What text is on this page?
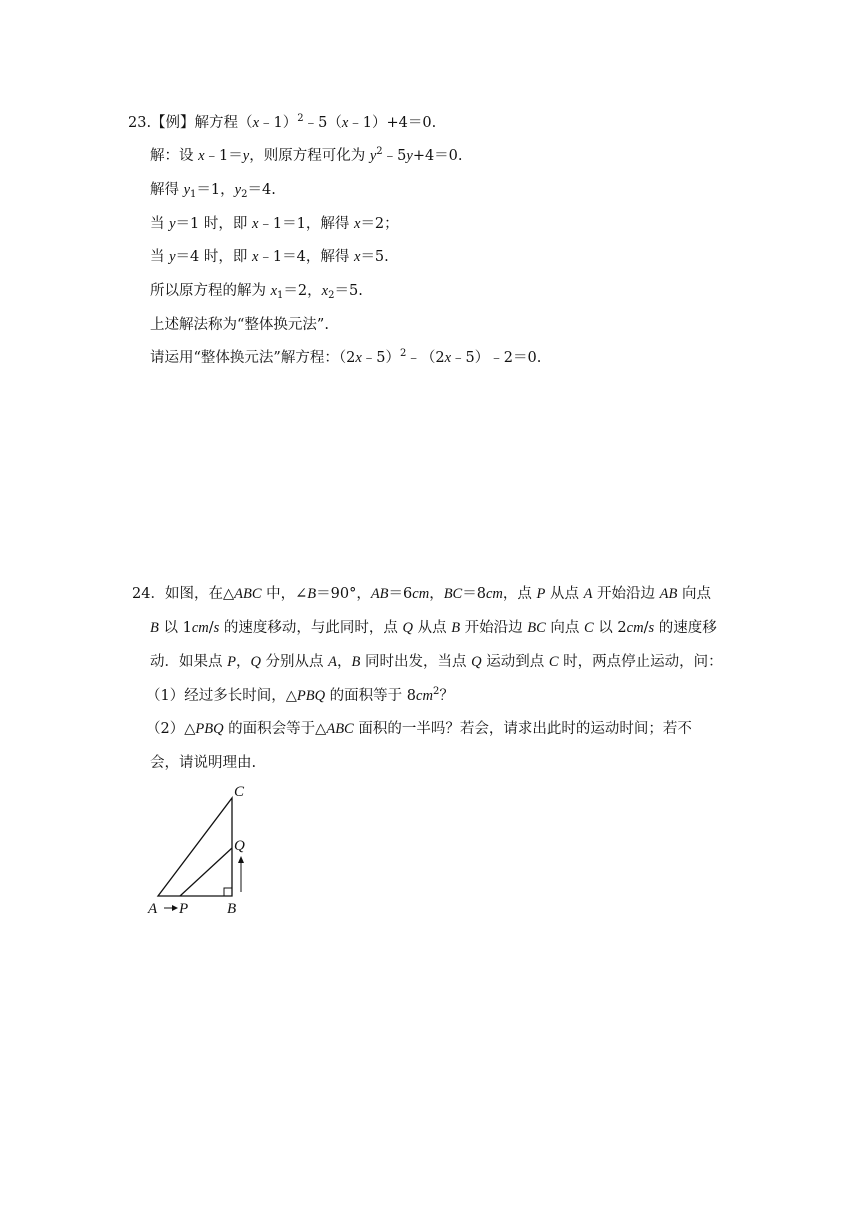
23.【例】解方程（x﹣1）$^2$﹣5（x﹣1）+4＝0.
解：设 x﹣1＝y，则原方程可化为 $y^2﹣5y+4=0$.
解得 $y_1=1$，$y_2=4$.
当 y＝1 时，即 x﹣1＝1，解得 x＝2；
当 y＝4 时，即 x﹣1＝4，解得 x＝5.
所以原方程的解为 $x_1=2$，$x_2=5$.
上述解法称为“整体换元法”.
请运用“整体换元法”解方程：（2x﹣5）$^2$﹣（2x﹣5）﹣2＝0.
24．如图，在△ABC 中，∠B＝90°，AB＝6cm，BC＝8cm，点 P 从点 A 开始沿边 AB 向点
B 以 1cm/s 的速度移动，与此同时，点 Q 从点 B 开始沿边 BC 向点 C 以 2cm/s 的速度移
动．如果点 P，Q 分别从点 A，B 同时出发，当点 Q 运动到点 C 时，两点停止运动，问：
（1）经过多长时间，△PBQ 的面积等于 $8cm^2$？
（2）△PBQ 的面积会等于△ABC 面积的一半吗？若会，请求出此时的运动时间；若不
会，请说明理由.
C
Q
A P	B
